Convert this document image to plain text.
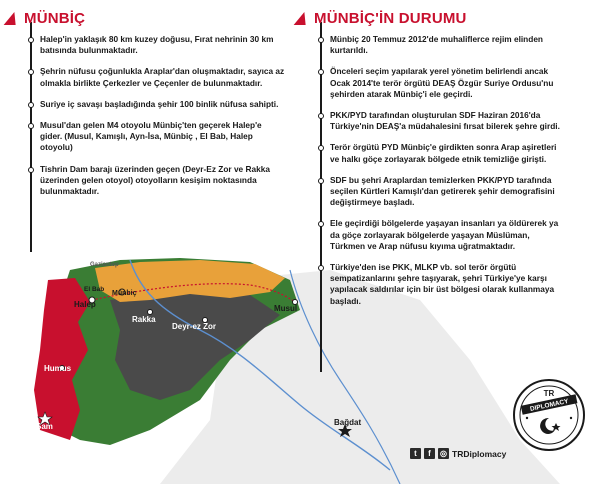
Gaziantep
El Bab
Halep
Münbiç
Rakka
Deyr-ez Zor
Musul
Humus
Şam	Bağdat
MÜNBİÇ

Halep'in yaklaşık 80 km kuzey doğusu, Fırat nehrinin 30 km batısında bulunmaktadır.

Şehrin nüfusu çoğunlukla Araplar'dan oluşmaktadır, sayıca az olmakla birlikte Çerkezler ve Çeçenler de bulunmaktadır.

Suriye iç savaşı başladığında şehir 100 binlik nüfusa sahipti.

Musul'dan gelen M4 otoyolu Münbiç'ten geçerek Halep'e gider. (Musul, Kamışlı, Ayn-İsa, Münbiç , El Bab, Halep otoyolu)

Tishrin Dam barajı üzerinden geçen (Deyr-Ez Zor ve Rakka üzerinden gelen otoyol) otoyolların kesişim noktasında bulunmaktadır.

MÜNBİÇ'İN DURUMU

Münbiç 20 Temmuz 2012'de muhaliflerce rejim elinden kurtarıldı.

Önceleri seçim yapılarak yerel yönetim belirlendi ancak Ocak 2014'te terör örgütü DEAŞ Özgür Suriye Ordusu'nu şehirden atarak Münbiç'i ele geçirdi.

PKK/PYD tarafından oluşturulan SDF Haziran 2016'da Türkiye'nin DEAŞ'a müdahalesini fırsat bilerek şehre girdi.

Terör örgütü PYD Münbiç'e girdikten sonra Arap aşiretleri ve halkı göçe zorlayarak bölgede etnik temizliğe girişti.

SDF bu şehri Araplardan temizlerken PKK/PYD tarafında seçilen Kürtleri Kamışlı'dan getirerek şehir demografisini değiştirmeye başladı.

Ele geçirdiği bölgelerde yaşayan insanları ya öldürerek ya da göçe zorlayarak bölgelerde yaşayan Müslüman, Türkmen ve Arap nüfusu kıyıma uğratmaktadır.

Türkiye'den ise PKK, MLKP vb. sol terör örgütü sempatizanlarını şehre taşıyarak, şehri Türkiye'ye karşı yapılacak saldırılar için bir üst bölgesi olarak kullanmaya başladı.

t	f	◎ TRDiplomacy
TR
DIPLOMACY
